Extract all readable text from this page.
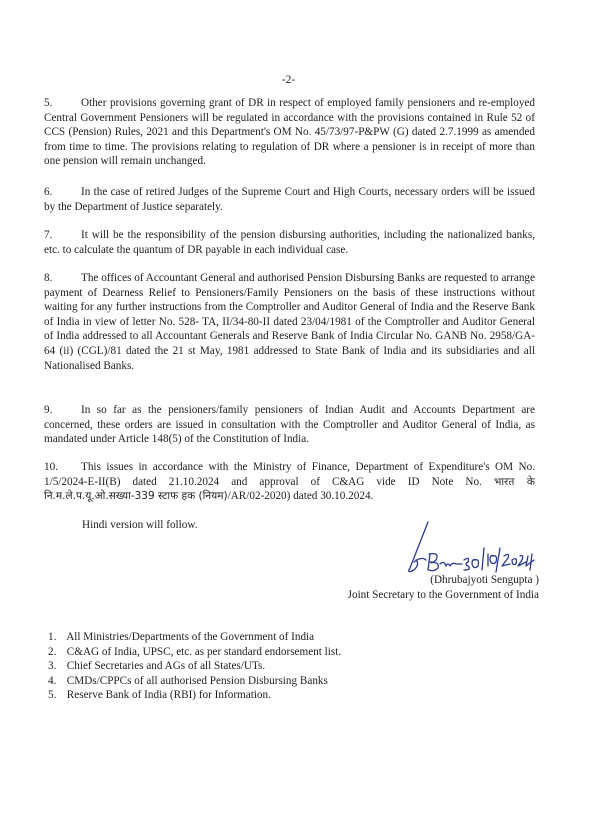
-2-
5.	Other provisions governing grant of DR in respect of employed family pensioners and re-employed Central Government Pensioners will be regulated in accordance with the provisions contained in Rule 52 of CCS (Pension) Rules, 2021 and this Department's OM No. 45/73/97-P&PW (G) dated 2.7.1999 as amended from time to time. The provisions relating to regulation of DR where a pensioner is in receipt of more than one pension will remain unchanged.
6.	In the case of retired Judges of the Supreme Court and High Courts, necessary orders will be issued by the Department of Justice separately.
7.	It will be the responsibility of the pension disbursing authorities, including the nationalized banks, etc. to calculate the quantum of DR payable in each individual case.
8.	The offices of Accountant General and authorised Pension Disbursing Banks are requested to arrange payment of Dearness Relief to Pensioners/Family Pensioners on the basis of these instructions without waiting for any further instructions from the Comptroller and Auditor General of India and the Reserve Bank of India in view of letter No. 528- TA, II/34-80-II dated 23/04/1981 of the Comptroller and Auditor General of India addressed to all Accountant Generals and Reserve Bank of India Circular No. GANB No. 2958/GA-64 (ii) (CGL)/81 dated the 21 st May, 1981 addressed to State Bank of India and its subsidiaries and all Nationalised Banks.
9.	In so far as the pensioners/family pensioners of Indian Audit and Accounts Department are concerned, these orders are issued in consultation with the Comptroller and Auditor General of India, as mandated under Article 148(5) of the Constitution of India.
10. This issues in accordance with the Ministry of Finance, Department of Expenditure's OM No. 1/5/2024-E-II(B) dated 21.10.2024 and approval of C&AG vide ID Note No. भारत के नि.म.ले.प.यू.ओ.सख्या-339 स्टाफ हक (नियम)/AR/02-2020) dated 30.10.2024.
Hindi version will follow.
(Dhrubajyoti Sengupta )
Joint Secretary to the Government of India
1. All Ministries/Departments of the Government of India
2. C&AG of India, UPSC, etc. as per standard endorsement list.
3. Chief Secretaries and AGs of all States/UTs.
4. CMDs/CPPCs of all authorised Pension Disbursing Banks
5. Reserve Bank of India (RBI) for Information.
